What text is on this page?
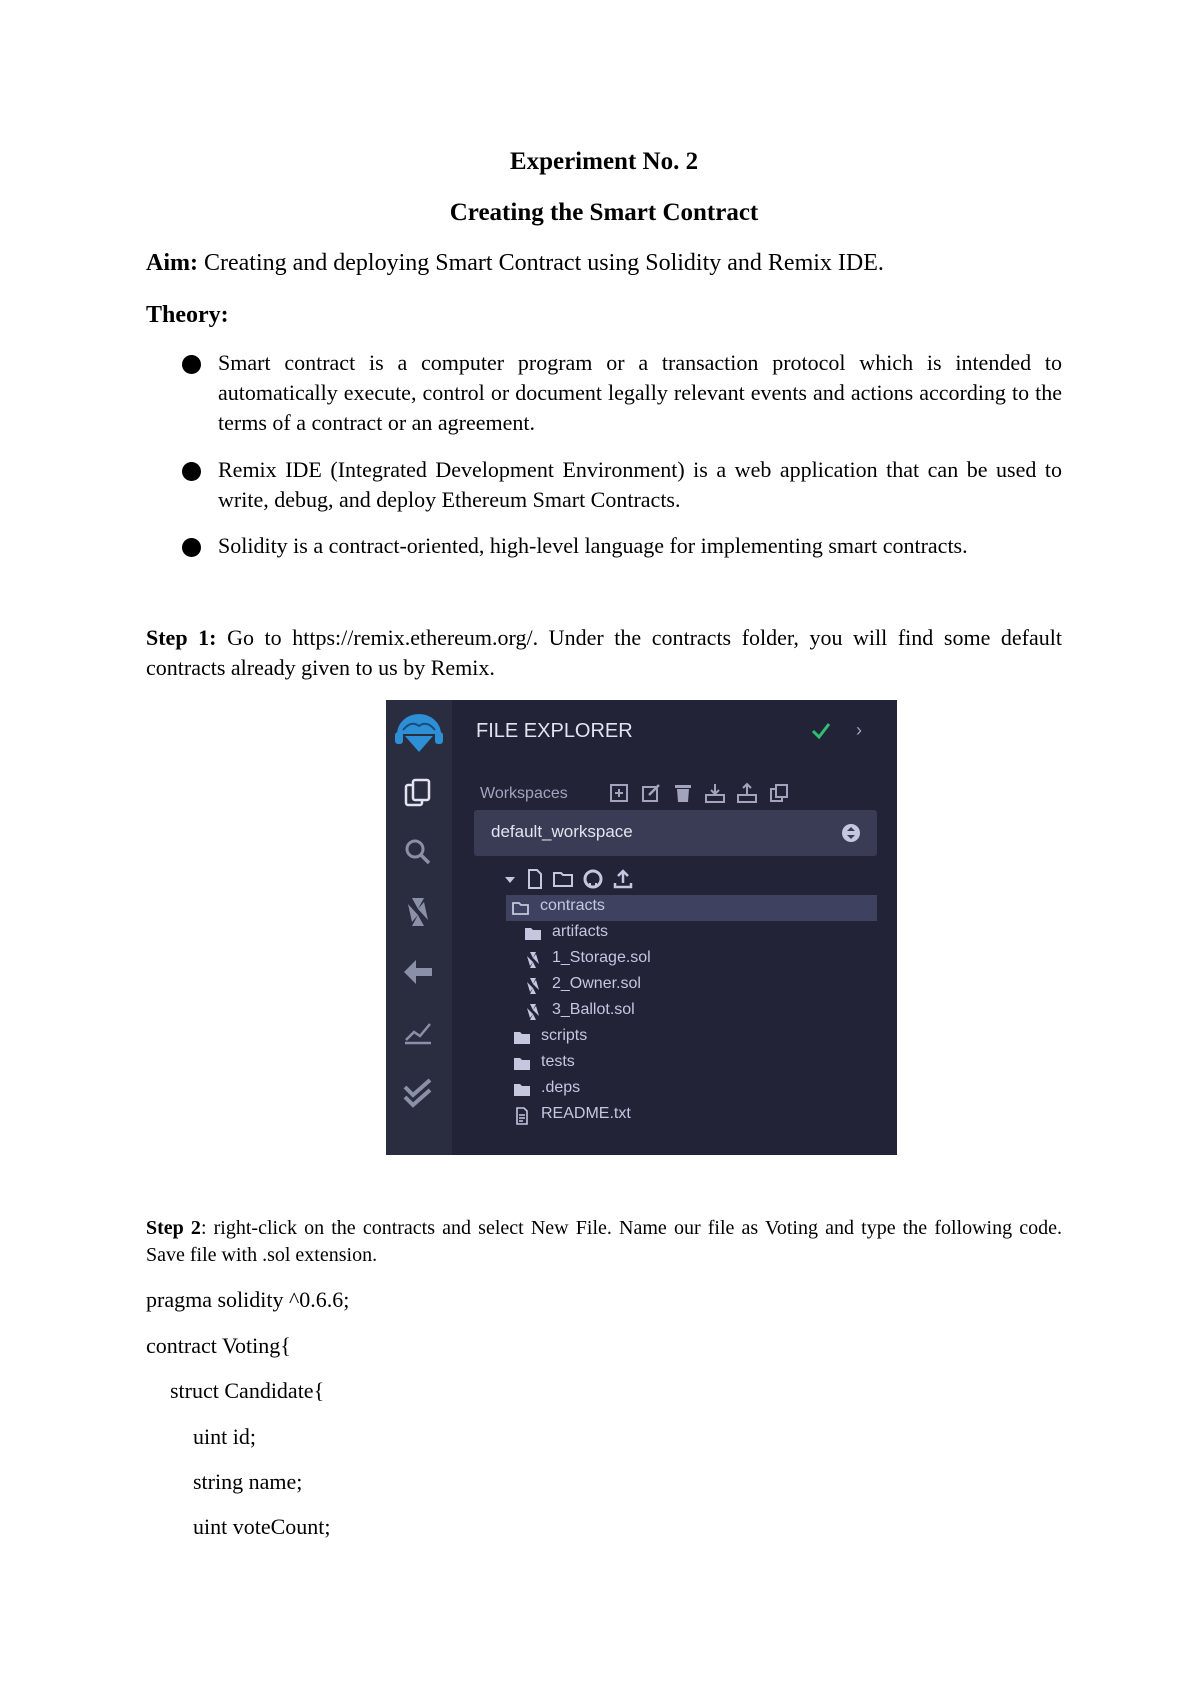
Experiment No. 2
Creating the Smart Contract
Aim: Creating and deploying Smart Contract using Solidity and Remix IDE.
Theory:
Smart contract is a computer program or a transaction protocol which is intended to automatically execute, control or document legally relevant events and actions according to the terms of a contract or an agreement.
Remix IDE (Integrated Development Environment) is a web application that can be used to write, debug, and deploy Ethereum Smart Contracts.
Solidity is a contract-oriented, high-level language for implementing smart contracts.
Step 1: Go to https://remix.ethereum.org/. Under the contracts folder, you will find some default contracts already given to us by Remix.
FILE EXPLORER	›
Workspaces
default_workspace
contracts
artifacts
1_Storage.sol
2_Owner.sol
3_Ballot.sol
scripts
tests
.deps
README.txt
Step 2: right-click on the contracts and select New File. Name our file as Voting and type the following code. Save file with .sol extension.
pragma solidity ^0.6.6;
contract Voting{
struct Candidate{
uint id;
string name;
uint voteCount;
